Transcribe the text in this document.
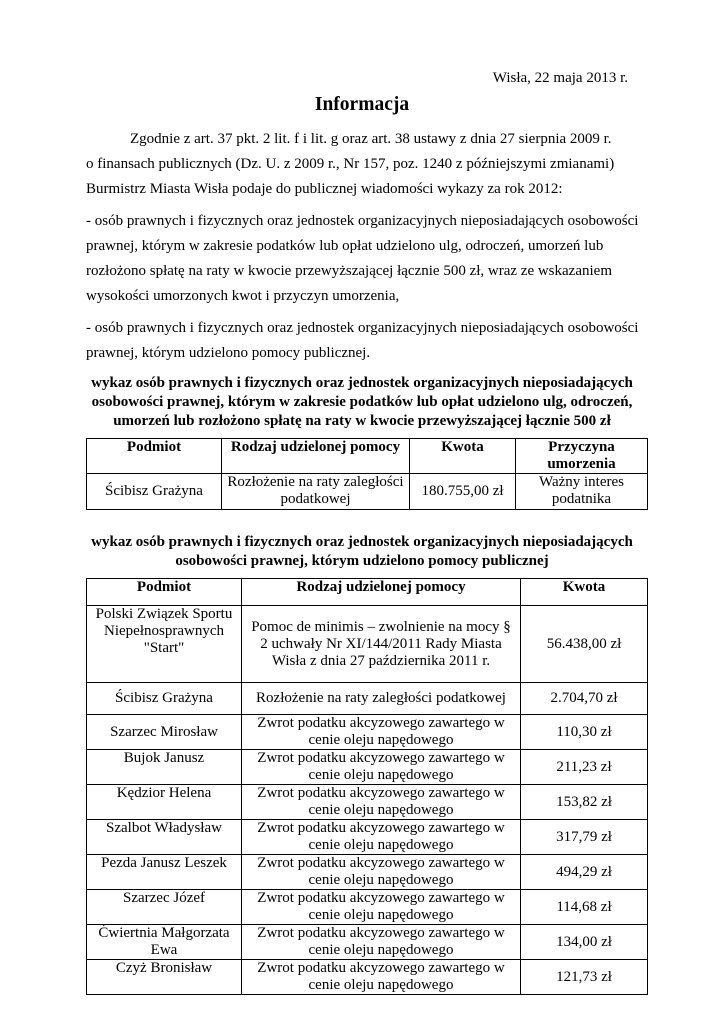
Wisła, 22 maja 2013 r.
Informacja
Zgodnie z art. 37 pkt. 2 lit. f i lit. g oraz art. 38 ustawy z dnia 27 sierpnia 2009 r.
o finansach publicznych (Dz. U. z 2009 r., Nr 157, poz. 1240 z późniejszymi zmianami)
Burmistrz Miasta Wisła podaje do publicznej wiadomości wykazy za rok 2012:
- osób prawnych i fizycznych oraz jednostek organizacyjnych nieposiadających osobowości
prawnej, którym w zakresie podatków lub opłat udzielono ulg, odroczeń, umorzeń lub
rozłożono spłatę na raty w kwocie przewyższającej łącznie 500 zł, wraz ze wskazaniem
wysokości umorzonych kwot i przyczyn umorzenia,
- osób prawnych i fizycznych oraz jednostek organizacyjnych nieposiadających osobowości
prawnej, którym udzielono pomocy publicznej.
wykaz osób prawnych i fizycznych oraz jednostek organizacyjnych nieposiadających
osobowości prawnej, którym w zakresie podatków lub opłat udzielono ulg, odroczeń,
umorzeń lub rozłożono spłatę na raty w kwocie przewyższającej łącznie 500 zł
Podmiot	Rodzaj udzielonej pomocy	Kwota	Przyczyna umorzenia
Ścibisz Grażyna	Rozłożenie na raty zaległości podatkowej	180.755,00 zł	Ważny interes podatnika
wykaz osób prawnych i fizycznych oraz jednostek organizacyjnych nieposiadających
osobowości prawnej, którym udzielono pomocy publicznej
Podmiot	Rodzaj udzielonej pomocy	Kwota
Polski Związek Sportu Niepełnosprawnych "Start"	Pomoc de minimis – zwolnienie na mocy § 2 uchwały Nr XI/144/2011 Rady Miasta Wisła z dnia 27 października 2011 r.	56.438,00 zł
Ścibisz Grażyna	Rozłożenie na raty zaległości podatkowej	2.704,70 zł
Szarzec Mirosław	Zwrot podatku akcyzowego zawartego w cenie oleju napędowego	110,30 zł
Bujok Janusz	Zwrot podatku akcyzowego zawartego w cenie oleju napędowego	211,23 zł
Kędzior Helena	Zwrot podatku akcyzowego zawartego w cenie oleju napędowego	153,82 zł
Szalbot Władysław	Zwrot podatku akcyzowego zawartego w cenie oleju napędowego	317,79 zł
Pezda Janusz Leszek	Zwrot podatku akcyzowego zawartego w cenie oleju napędowego	494,29 zł
Szarzec Józef	Zwrot podatku akcyzowego zawartego w cenie oleju napędowego	114,68 zł
Ćwiertnia Małgorzata Ewa	Zwrot podatku akcyzowego zawartego w cenie oleju napędowego	134,00 zł
Czyż Bronisław	Zwrot podatku akcyzowego zawartego w cenie oleju napędowego	121,73 zł
